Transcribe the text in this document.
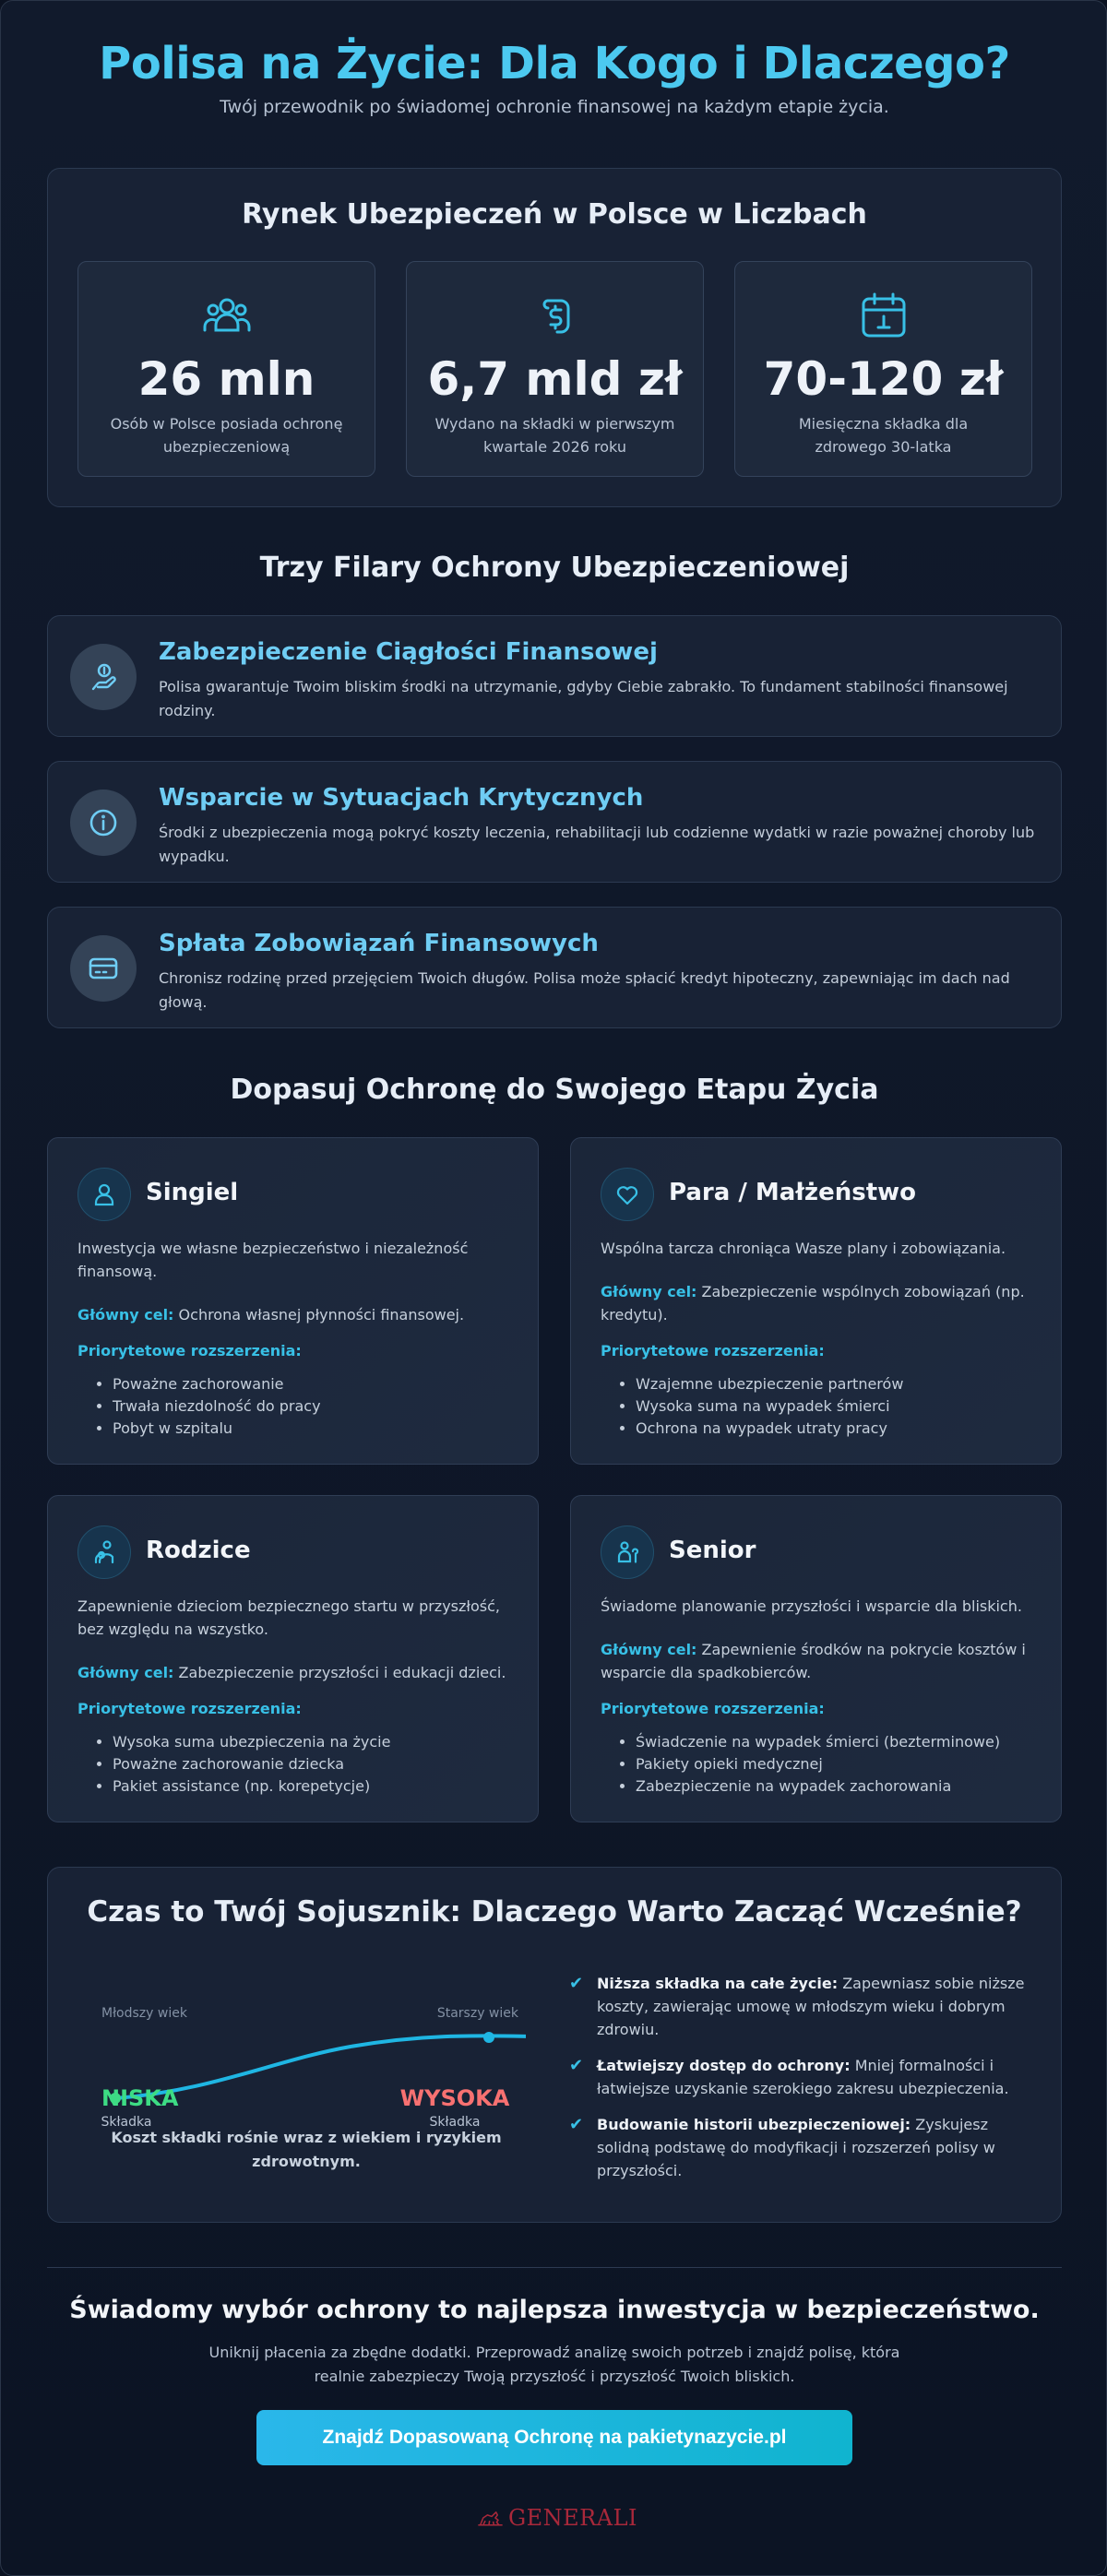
Polisa na Życie: Dla Kogo i Dlaczego?

Twój przewodnik po świadomej ochronie finansowej na każdym etapie życia.

Rynek Ubezpieczeń w Polsce w Liczbach
26 mln
Osób w Polsce posiada ochronę ubezpieczeniową
6,7 mld zł
Wydano na składki w pierwszym kwartale 2026 roku
70-120 zł
Miesięczna składka dla zdrowego 30-latka
Trzy Filary Ochrony Ubezpieczeniowej
Zabezpieczenie Ciągłości Finansowej

Polisa gwarantuje Twoim bliskim środki na utrzymanie, gdyby Ciebie zabrakło. To fundament stabilności finansowej rodziny.

Wsparcie w Sytuacjach Krytycznych

Środki z ubezpieczenia mogą pokryć koszty leczenia, rehabilitacji lub codzienne wydatki w razie poważnej choroby lub wypadku.

Spłata Zobowiązań Finansowych

Chronisz rodzinę przed przejęciem Twoich długów. Polisa może spłacić kredyt hipoteczny, zapewniając im dach nad głową.

Dopasuj Ochronę do Swojego Etapu Życia
Singiel
Inwestycja we własne bezpieczeństwo i niezależność finansową.
Główny cel: Ochrona własnej płynności finansowej.
Priorytetowe rozszerzenia:
• Poważne zachorowanie
• Trwała niezdolność do pracy
• Pobyt w szpitalu
Para / Małżeństwo
Wspólna tarcza chroniąca Wasze plany i zobowiązania.
Główny cel: Zabezpieczenie wspólnych zobowiązań (np. kredytu).
Priorytetowe rozszerzenia:
• Wzajemne ubezpieczenie partnerów
• Wysoka suma na wypadek śmierci
• Ochrona na wypadek utraty pracy
Rodzice
Zapewnienie dzieciom bezpiecznego startu w przyszłość, bez względu na wszystko.
Główny cel: Zabezpieczenie przyszłości i edukacji dzieci.
Priorytetowe rozszerzenia:
• Wysoka suma ubezpieczenia na życie
• Poważne zachorowanie dziecka
• Pakiet assistance (np. korepetycje)
Senior
Świadome planowanie przyszłości i wsparcie dla bliskich.
Główny cel: Zapewnienie środków na pokrycie kosztów i wsparcie dla spadkobierców.
Priorytetowe rozszerzenia:
• Świadczenie na wypadek śmierci (bezterminowe)
• Pakiety opieki medycznej
• Zabezpieczenie na wypadek zachorowania
Czas to Twój Sojusznik: Dlaczego Warto Zacząć Wcześnie?
Młodszy wiek	Starszy wiek
NISKA
Składka
WYSOKA
Składka
Koszt składki rośnie wraz z wiekiem i ryzykiem zdrowotnym.
✔ Niższa składka na całe życie: Zapewniasz sobie niższe koszty, zawierając umowę w młodszym wieku i dobrym zdrowiu.
✔ Łatwiejszy dostęp do ochrony: Mniej formalności i łatwiejsze uzyskanie szerokiego zakresu ubezpieczenia.
✔ Budowanie historii ubezpieczeniowej: Zyskujesz solidną podstawę do modyfikacji i rozszerzeń polisy w przyszłości.
Świadomy wybór ochrony to najlepsza inwestycja w bezpieczeństwo.
Uniknij płacenia za zbędne dodatki. Przeprowadź analizę swoich potrzeb i znajdź polisę, która realnie zabezpieczy Twoją przyszłość i przyszłość Twoich bliskich.
Znajdź Dopasowaną Ochronę na pakietynazycie.pl
GENERALI
